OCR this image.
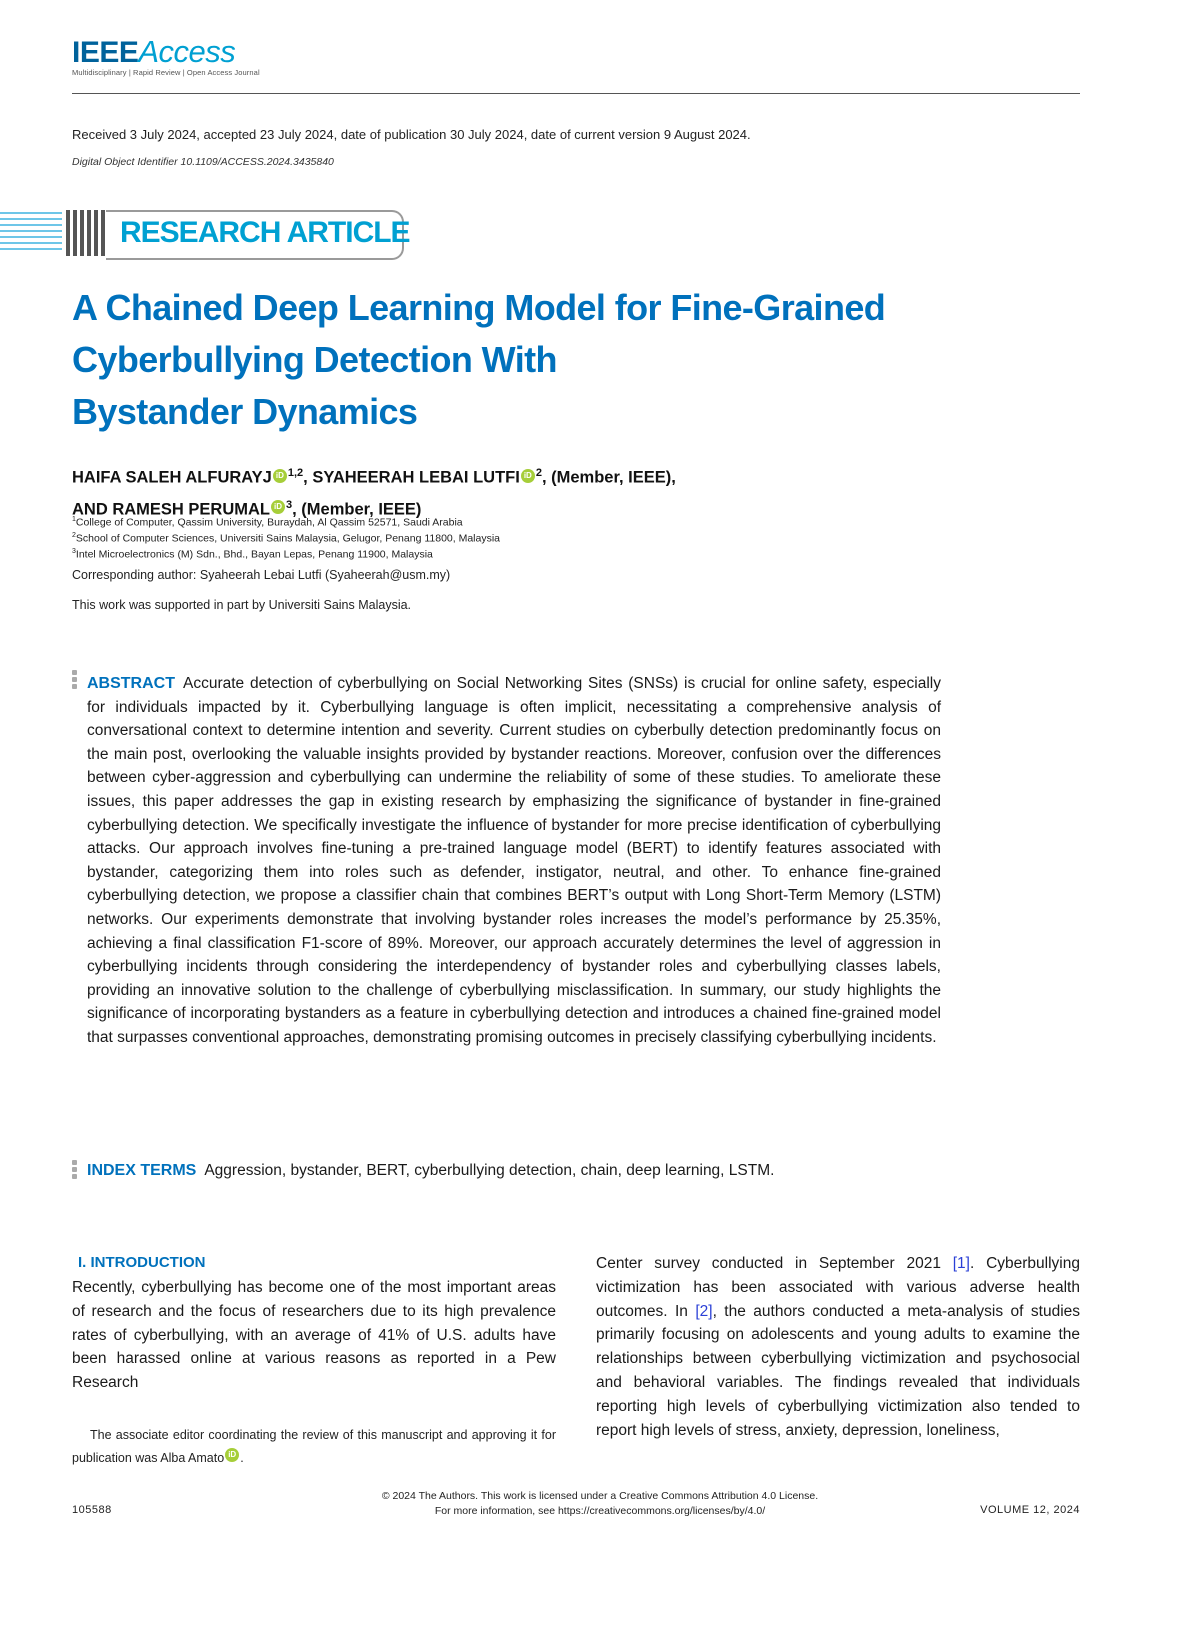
IEEEAccess
Multidisciplinary | Rapid Review | Open Access Journal
Received 3 July 2024, accepted 23 July 2024, date of publication 30 July 2024, date of current version 9 August 2024.
Digital Object Identifier 10.1109/ACCESS.2024.3435840
RESEARCH ARTICLE
A Chained Deep Learning Model for Fine-Grained
Cyberbullying Detection With
Bystander Dynamics
HAIFA SALEH ALFURAYJ iD $^{1,2}$, SYAHEERAH LEBAI LUTFI iD $^2$, (Member, IEEE),
AND RAMESH PERUMAL iD $^3$, (Member, IEEE)
$^1$College of Computer, Qassim University, Buraydah, Al Qassim 52571, Saudi Arabia
$^2$School of Computer Sciences, Universiti Sains Malaysia, Gelugor, Penang 11800, Malaysia
$^3$Intel Microelectronics (M) Sdn., Bhd., Bayan Lepas, Penang 11900, Malaysia
Corresponding author: Syaheerah Lebai Lutfi (Syaheerah@usm.my)
This work was supported in part by Universiti Sains Malaysia.
ABSTRACT Accurate detection of cyberbullying on Social Networking Sites (SNSs) is crucial for online safety, especially for individuals impacted by it. Cyberbullying language is often implicit, necessitating a comprehensive analysis of conversational context to determine intention and severity. Current studies on cyberbully detection predominantly focus on the main post, overlooking the valuable insights provided by bystander reactions. Moreover, confusion over the differences between cyber-aggression and cyberbullying can undermine the reliability of some of these studies. To ameliorate these issues, this paper addresses the gap in existing research by emphasizing the significance of bystander in fine-grained cyberbullying detection. We specifically investigate the influence of bystander for more precise identification of cyberbullying attacks. Our approach involves fine-tuning a pre-trained language model (BERT) to identify features associated with bystander, categorizing them into roles such as defender, instigator, neutral, and other. To enhance fine-grained cyberbullying detection, we propose a classifier chain that combines BERT’s output with Long Short-Term Memory (LSTM) networks. Our experiments demonstrate that involving bystander roles increases the model’s performance by 25.35%, achieving a final classification F1-score of 89%. Moreover, our approach accurately determines the level of aggression in cyberbullying incidents through considering the interdependency of bystander roles and cyberbullying classes labels, providing an innovative solution to the challenge of cyberbullying misclassification. In summary, our study highlights the significance of incorporating bystanders as a feature in cyberbullying detection and introduces a chained fine-grained model that surpasses conventional approaches, demonstrating promising outcomes in precisely classifying cyberbullying incidents.
INDEX TERMS Aggression, bystander, BERT, cyberbullying detection, chain, deep learning, LSTM.
I. INTRODUCTION
Recently, cyberbullying has become one of the most important areas of research and the focus of researchers due to its high prevalence rates of cyberbullying, with an average of 41% of U.S. adults have been harassed online at various reasons as reported in a Pew Research
Center survey conducted in September 2021 [1]. Cyberbullying victimization has been associated with various adverse health outcomes. In [2], the authors conducted a meta-analysis of studies primarily focusing on adolescents and young adults to examine the relationships between cyberbullying victimization and psychosocial and behavioral variables. The findings revealed that individuals reporting high levels of cyberbullying victimization also tended to report high levels of stress, anxiety, depression, loneliness,
The associate editor coordinating the review of this manuscript and approving it for publication was Alba Amato iD .
© 2024 The Authors. This work is licensed under a Creative Commons Attribution 4.0 License.
For more information, see https://creativecommons.org/licenses/by/4.0/
105588	VOLUME 12, 2024
